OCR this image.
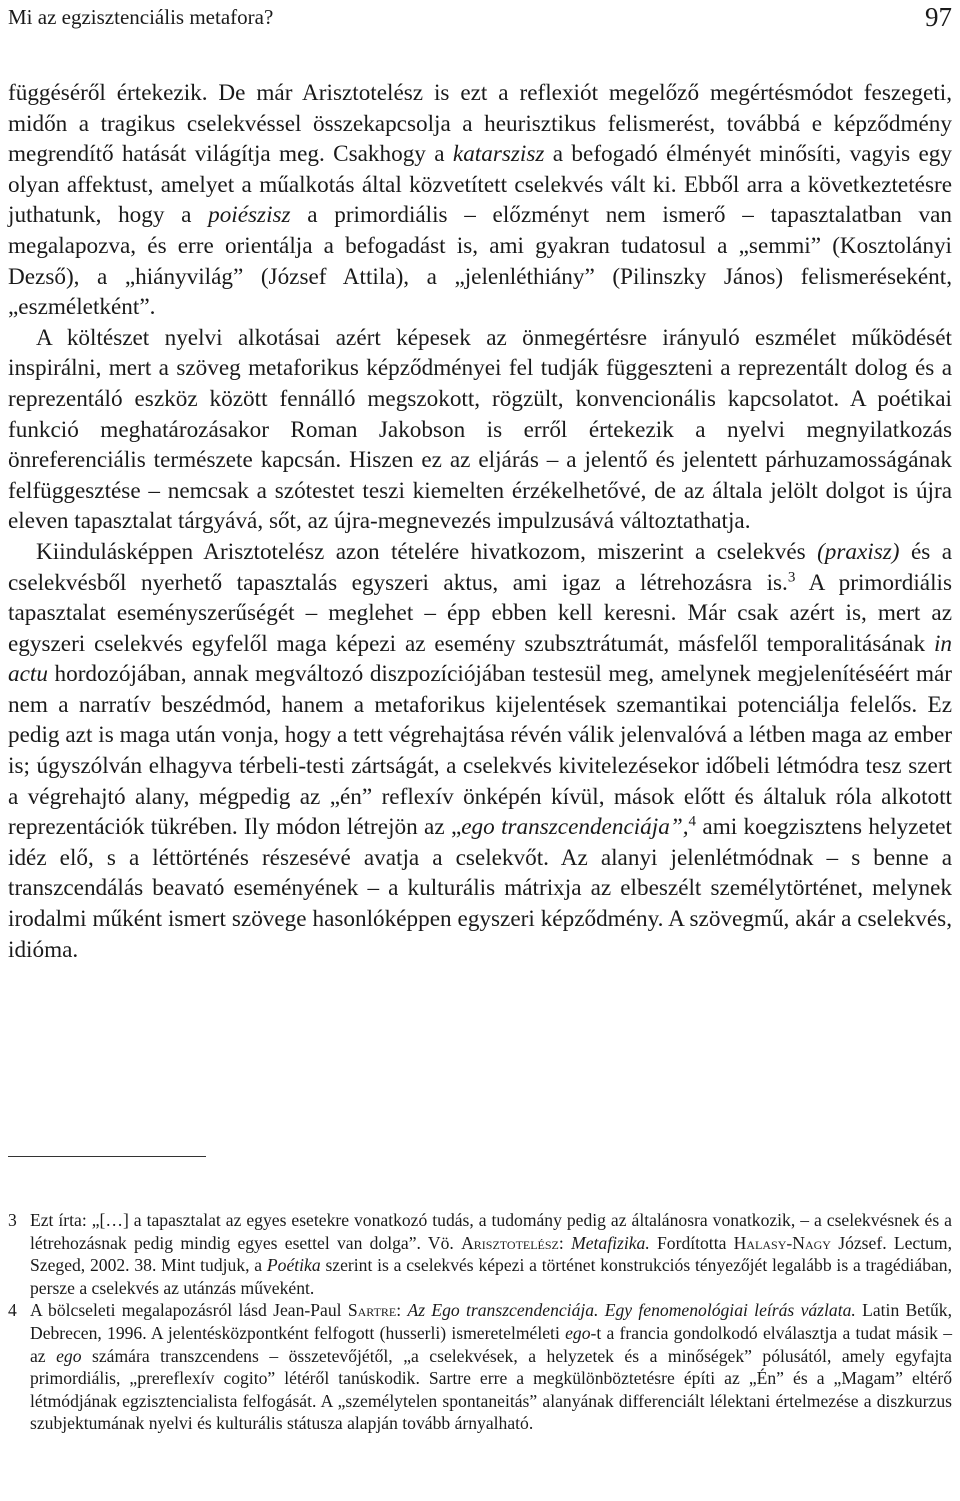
Mi az egzisztenciális metafora?	97

függéséről értekezik. De már Arisztotelész is ezt a reflexiót megelőző megértésmódot feszegeti, midőn a tragikus cselekvéssel összekapcsolja a heurisztikus felismerést, továbbá e képződmény megrendítő hatását világítja meg. Csakhogy a katarszisz a befogadó élményét minősíti, vagyis egy olyan affektust, amelyet a műalkotás által közvetített cselekvés vált ki. Ebből arra a következtetésre juthatunk, hogy a poiészisz a primordiális – előzményt nem ismerő – tapasztalatban van megalapozva, és erre orientálja a befogadást is, ami gyakran tudatosul a „semmi” (Kosztolányi Dezső), a „hiányvilág” (József Attila), a „jelenléthiány” (Pilinszky János) felismeréseként, „eszméletként”.

A költészet nyelvi alkotásai azért képesek az önmegértésre irányuló eszmélet működését inspirálni, mert a szöveg metaforikus képződményei fel tudják függeszteni a reprezentált dolog és a reprezentáló eszköz között fennálló megszokott, rögzült, konvencionális kapcsolatot. A poétikai funkció meghatározásakor Roman Jakobson is erről értekezik a nyelvi megnyilatkozás önreferenciális természete kapcsán. Hiszen ez az eljárás – a jelentő és jelentett párhuzamosságának felfüggesztése – nemcsak a szótestet teszi kiemelten érzékelhetővé, de az általa jelölt dolgot is újra eleven tapasztalat tárgyává, sőt, az újra-megnevezés impulzusává változtathatja.

Kiindulásképpen Arisztotelész azon tételére hivatkozom, miszerint a cselekvés (praxisz) és a cselekvésből nyerhető tapasztalás egyszeri aktus, ami igaz a létrehozásra is.$^3$ A primordiális tapasztalat eseményszerűségét – meglehet – épp ebben kell keresni. Már csak azért is, mert az egyszeri cselekvés egyfelől maga képezi az esemény szubsztrátumát, másfelől temporalitásának in actu hordozójában, annak megváltozó diszpozíciójában testesül meg, amelynek megjelenítéséért már nem a narratív beszédmód, hanem a metaforikus kijelentések szemantikai potenciálja felelős. Ez pedig azt is maga után vonja, hogy a tett végrehajtása révén válik jelenvalóvá a létben maga az ember is; úgyszólván elhagyva térbeli-testi zártságát, a cselekvés kivitelezésekor időbeli létmódra tesz szert a végrehajtó alany, mégpedig az „én” reflexív önképén kívül, mások előtt és általuk róla alkotott reprezentációk tükrében. Ily módon létrejön az „ego transzcendenciája”,$^4$ ami koegzisztens helyzetet idéz elő, s a léttörténés részesévé avatja a cselekvőt. Az alanyi jelenlétmódnak – s benne a transzcendálás beavató eseményének – a kulturális mátrixja az elbeszélt személytörténet, melynek irodalmi műként ismert szövege hasonlóképpen egyszeri képződmény. A szövegmű, akár a cselekvés, idióma.

3 Ezt írta: „[…] a tapasztalat az egyes esetekre vonatkozó tudás, a tudomány pedig az általánosra vonatkozik, – a cselekvésnek és a létrehozásnak pedig mindig egyes esettel van dolga”. Vö. Arisztotelész: Metafizika. Fordította Halasy-Nagy József. Lectum, Szeged, 2002. 38. Mint tudjuk, a Poétika szerint is a cselekvés képezi a történet konstrukciós tényezőjét legalább is a tragédiában, persze a cselekvés az utánzás műveként.

4 A bölcseleti megalapozásról lásd Jean-Paul Sartre: Az Ego transzcendenciája. Egy fenomenológiai leírás vázlata. Latin Betűk, Debrecen, 1996. A jelentésközpontként felfogott (husserli) ismeretelméleti ego-t a francia gondolkodó elválasztja a tudat másik – az ego számára transzcendens – összetevőjétől, „a cselekvések, a helyzetek és a minőségek” pólusától, amely egyfajta primordiális, „prereflexív cogito” létéről tanúskodik. Sartre erre a megkülönböztetésre építi az „Én” és a „Magam” eltérő létmódjának egzisztencialista felfogását. A „személytelen spontaneitás” alanyának differenciált lélektani értelmezése a diszkurzus szubjektumának nyelvi és kulturális státusza alapján tovább árnyalható.
